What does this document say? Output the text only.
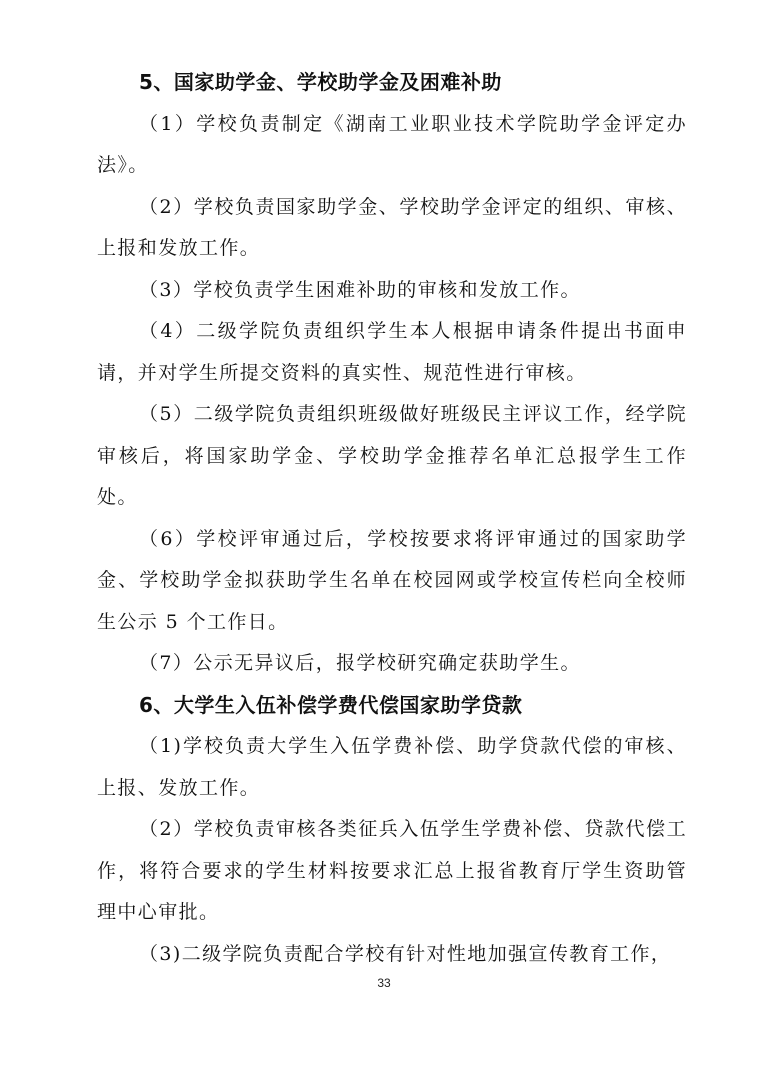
5、国家助学金、学校助学金及困难补助

（1）学校负责制定《湖南工业职业技术学院助学金评定办法》。

（2）学校负责国家助学金、学校助学金评定的组织、审核、上报和发放工作。

（3）学校负责学生困难补助的审核和发放工作。

（4）二级学院负责组织学生本人根据申请条件提出书面申请，并对学生所提交资料的真实性、规范性进行审核。

（5）二级学院负责组织班级做好班级民主评议工作，经学院审核后，将国家助学金、学校助学金推荐名单汇总报学生工作处。

（6）学校评审通过后，学校按要求将评审通过的国家助学金、学校助学金拟获助学生名单在校园网或学校宣传栏向全校师生公示 5 个工作日。

（7）公示无异议后，报学校研究确定获助学生。

6、大学生入伍补偿学费代偿国家助学贷款

（1)学校负责大学生入伍学费补偿、助学贷款代偿的审核、上报、发放工作。

（2）学校负责审核各类征兵入伍学生学费补偿、贷款代偿工作，将符合要求的学生材料按要求汇总上报省教育厅学生资助管理中心审批。

（3)二级学院负责配合学校有针对性地加强宣传教育工作，

33
